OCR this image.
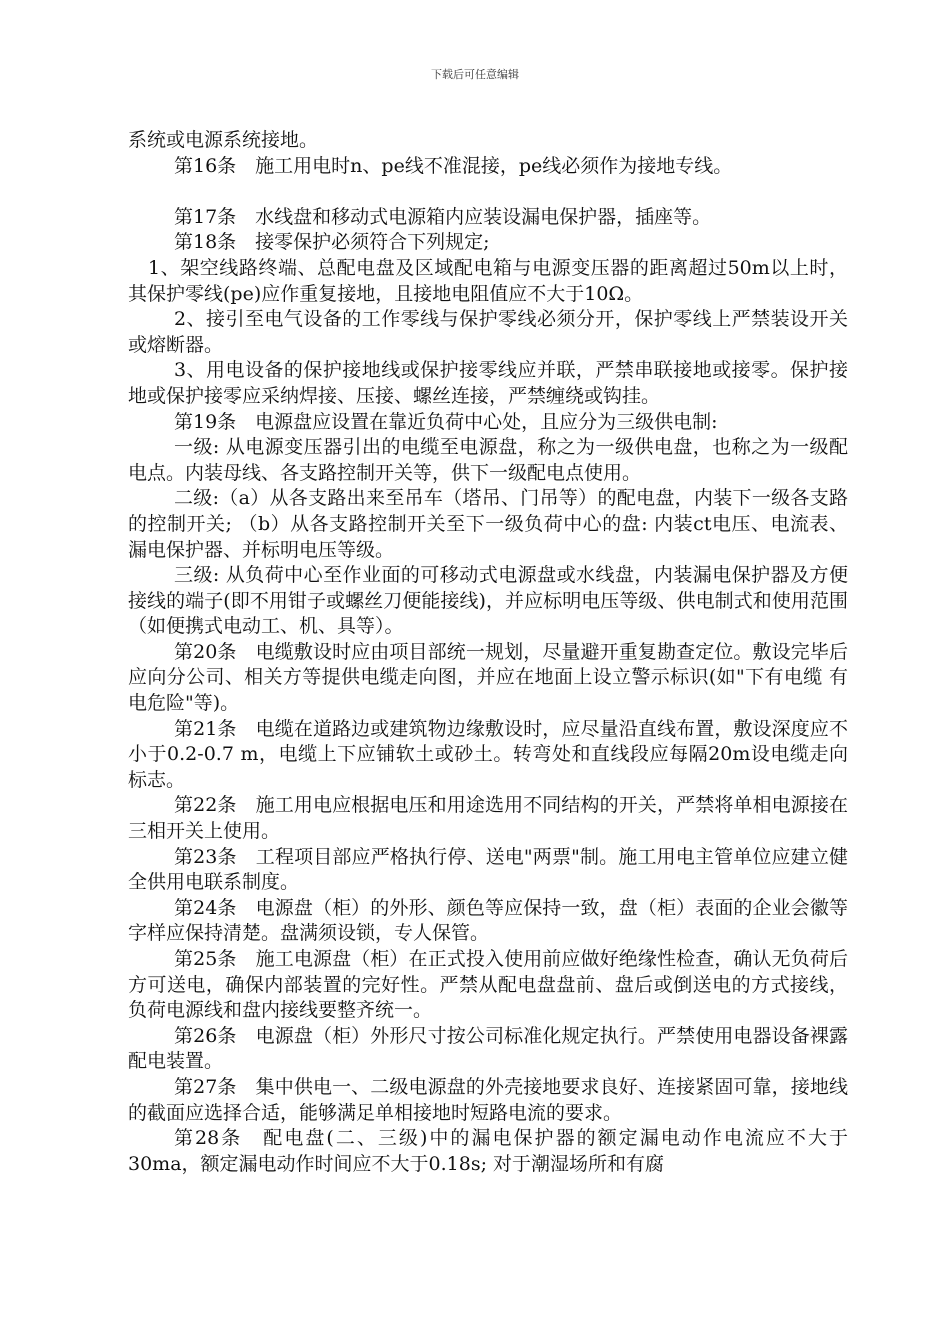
下载后可任意编辑

系统或电源系统接地。

第16条　施工用电时n、pe线不准混接，pe线必须作为接地专线。

第17条　水线盘和移动式电源箱内应装设漏电保护器，插座等。

第18条　接零保护必须符合下列规定;

1、架空线路终端、总配电盘及区域配电箱与电源变压器的距离超过50m以上时，其保护零线(pe)应作重复接地，且接地电阻值应不大于10Ω。

2、接引至电气设备的工作零线与保护零线必须分开，保护零线上严禁装设开关或熔断器。

3、用电设备的保护接地线或保护接零线应并联，严禁串联接地或接零。保护接地或保护接零应采纳焊接、压接、螺丝连接，严禁缠绕或钩挂。

第19条　电源盘应设置在靠近负荷中心处，且应分为三级供电制:

一级: 从电源变压器引出的电缆至电源盘，称之为一级供电盘，也称之为一级配电点。内装母线、各支路控制开关等，供下一级配电点使用。

二级:（a）从各支路出来至吊车（塔吊、门吊等）的配电盘，内装下一级各支路的控制开关; （b）从各支路控制开关至下一级负荷中心的盘: 内装ct电压、电流表、漏电保护器、并标明电压等级。

三级: 从负荷中心至作业面的可移动式电源盘或水线盘，内装漏电保护器及方便接线的端子(即不用钳子或螺丝刀便能接线)，并应标明电压等级、供电制式和使用范围（如便携式电动工、机、具等）。

第20条　电缆敷设时应由项目部统一规划，尽量避开重复勘查定位。敷设完毕后应向分公司、相关方等提供电缆走向图，并应在地面上设立警示标识(如"下有电缆 有电危险"等)。

第21条　电缆在道路边或建筑物边缘敷设时，应尽量沿直线布置，敷设深度应不小于0.2-0.7 m，电缆上下应铺软土或砂土。转弯处和直线段应每隔20m设电缆走向标志。

第22条　施工用电应根据电压和用途选用不同结构的开关，严禁将单相电源接在三相开关上使用。

第23条　工程项目部应严格执行停、送电"两票"制。施工用电主管单位应建立健全供用电联系制度。

第24条　电源盘（柜）的外形、颜色等应保持一致，盘（柜）表面的企业会徽等字样应保持清楚。盘满须设锁，专人保管。

第25条　施工电源盘（柜）在正式投入使用前应做好绝缘性检查，确认无负荷后方可送电，确保内部装置的完好性。严禁从配电盘盘前、盘后或倒送电的方式接线，负荷电源线和盘内接线要整齐统一。

第26条　电源盘（柜）外形尺寸按公司标准化规定执行。严禁使用电器设备裸露配电装置。

第27条　集中供电一、二级电源盘的外壳接地要求良好、连接紧固可靠，接地线的截面应选择合适，能够满足单相接地时短路电流的要求。

第28条　配电盘(二、三级)中的漏电保护器的额定漏电动作电流应不大于30ma，额定漏电动作时间应不大于0.18s; 对于潮湿场所和有腐
